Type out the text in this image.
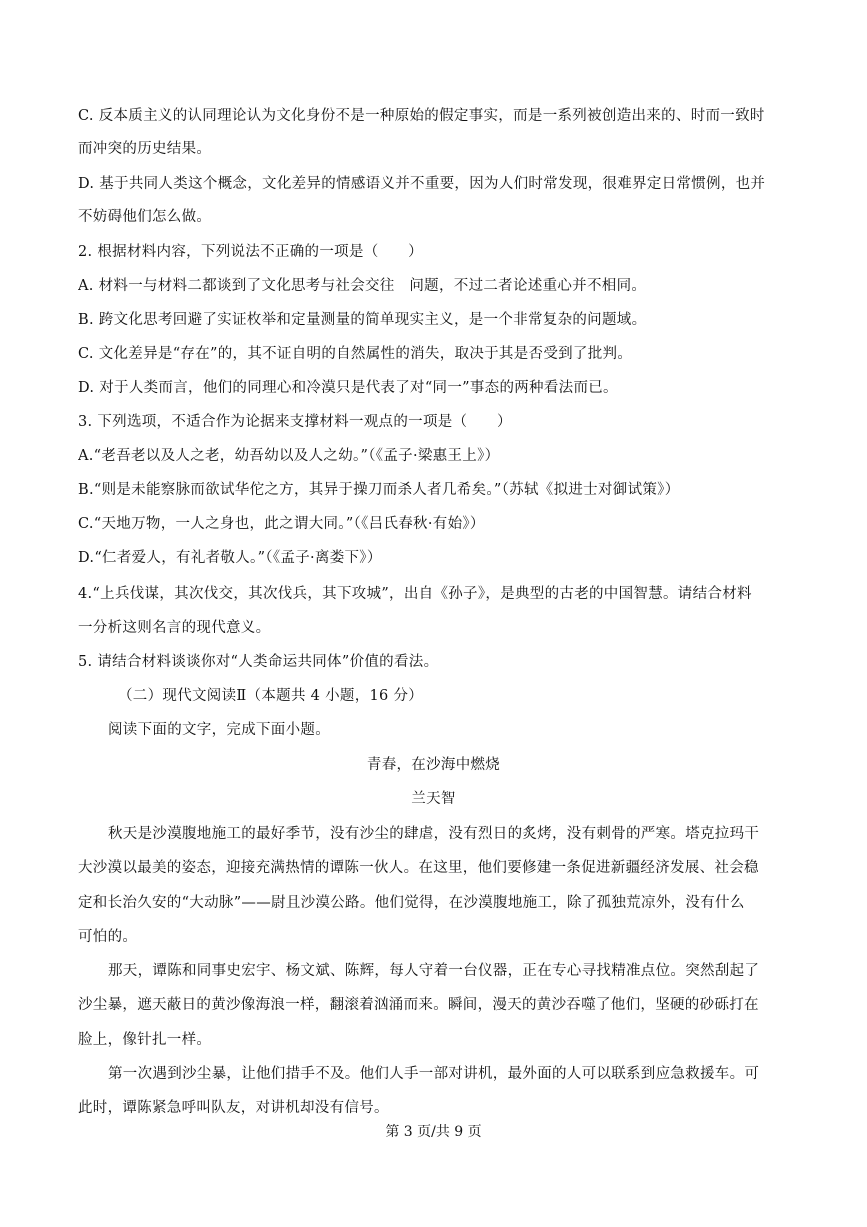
C. 反本质主义的认同理论认为文化身份不是一种原始的假定事实，而是一系列被创造出来的、时而一致时
而冲突的历史结果。
D. 基于共同人类这个概念，文化差异的情感语义并不重要，因为人们时常发现，很难界定日常惯例，也并
不妨碍他们怎么做。
2. 根据材料内容，下列说法不正确的一项是（　　）
A. 材料一与材料二都谈到了文化思考与社会交往　问题，不过二者论述重心并不相同。
B. 跨文化思考回避了实证枚举和定量测量的简单现实主义，是一个非常复杂的问题域。
C. 文化差异是“存在”的，其不证自明的自然属性的消失，取决于其是否受到了批判。
D. 对于人类而言，他们的同理心和冷漠只是代表了对“同一”事态的两种看法而已。
3. 下列选项，不适合作为论据来支撑材料一观点的一项是（　　）
A.“老吾老以及人之老，幼吾幼以及人之幼。”（《孟子·梁惠王上》）
B.“则是未能察脉而欲试华佗之方，其异于操刀而杀人者几希矣。”（苏轼《拟进士对御试策》）
C.“天地万物，一人之身也，此之谓大同。”（《吕氏春秋·有始》）
D.“仁者爱人，有礼者敬人。”（《孟子·离娄下》）
4.“上兵伐谋，其次伐交，其次伐兵，其下攻城”，出自《孙子》，是典型的古老的中国智慧。请结合材料
一分析这则名言的现代意义。
5. 请结合材料谈谈你对“人类命运共同体”价值的看法。
（二）现代文阅读Ⅱ（本题共 4 小题，16 分）
阅读下面的文字，完成下面小题。
青春，在沙海中燃烧
兰天智
秋天是沙漠腹地施工的最好季节，没有沙尘的肆虐，没有烈日的炙烤，没有刺骨的严寒。塔克拉玛干
大沙漠以最美的姿态，迎接充满热情的谭陈一伙人。在这里，他们要修建一条促进新疆经济发展、社会稳
定和长治久安的“大动脉”——尉且沙漠公路。他们觉得，在沙漠腹地施工，除了孤独荒凉外，没有什么
可怕的。
那天，谭陈和同事史宏宇、杨文斌、陈辉，每人守着一台仪器，正在专心寻找精准点位。突然刮起了
沙尘暴，遮天蔽日的黄沙像海浪一样，翻滚着汹涌而来。瞬间，漫天的黄沙吞噬了他们，坚硬的砂砾打在
脸上，像针扎一样。
第一次遇到沙尘暴，让他们措手不及。他们人手一部对讲机，最外面的人可以联系到应急救援车。可
此时，谭陈紧急呼叫队友，对讲机却没有信号。
第 3 页/共 9 页
